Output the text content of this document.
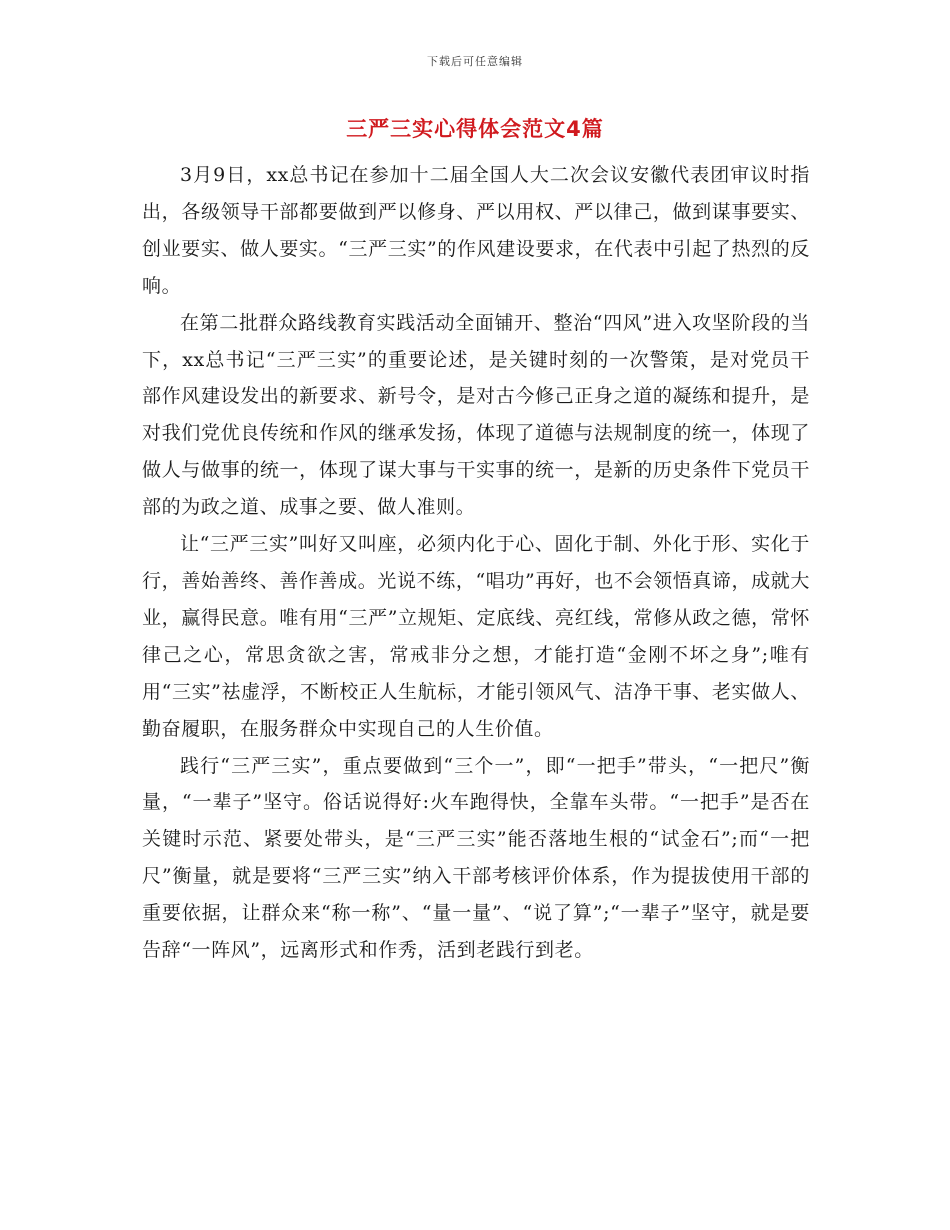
下载后可任意编辑
三严三实心得体会范文4篇

3月9日，xx总书记在参加十二届全国人大二次会议安徽代表团审议时指出，各级领导干部都要做到严以修身、严以用权、严以律己，做到谋事要实、创业要实、做人要实。“三严三实”的作风建设要求，在代表中引起了热烈的反响。

在第二批群众路线教育实践活动全面铺开、整治“四风”进入攻坚阶段的当下，xx总书记“三严三实”的重要论述，是关键时刻的一次警策，是对党员干部作风建设发出的新要求、新号令，是对古今修己正身之道的凝练和提升，是对我们党优良传统和作风的继承发扬，体现了道德与法规制度的统一，体现了做人与做事的统一，体现了谋大事与干实事的统一，是新的历史条件下党员干部的为政之道、成事之要、做人准则。

让“三严三实”叫好又叫座，必须内化于心、固化于制、外化于形、实化于行，善始善终、善作善成。光说不练，“唱功”再好，也不会领悟真谛，成就大业，赢得民意。唯有用“三严”立规矩、定底线、亮红线，常修从政之德，常怀律己之心，常思贪欲之害，常戒非分之想，才能打造“金刚不坏之身”;唯有用“三实”祛虚浮，不断校正人生航标，才能引领风气、洁净干事、老实做人、勤奋履职，在服务群众中实现自己的人生价值。

践行“三严三实”，重点要做到“三个一”，即“一把手”带头，“一把尺”衡量，“一辈子”坚守。俗话说得好:火车跑得快，全靠车头带。“一把手”是否在关键时示范、紧要处带头，是“三严三实”能否落地生根的“试金石”;而“一把尺”衡量，就是要将“三严三实”纳入干部考核评价体系，作为提拔使用干部的重要依据，让群众来“称一称”、“量一量”、“说了算”;“一辈子”坚守，就是要告辞“一阵风”，远离形式和作秀，活到老践行到老。
